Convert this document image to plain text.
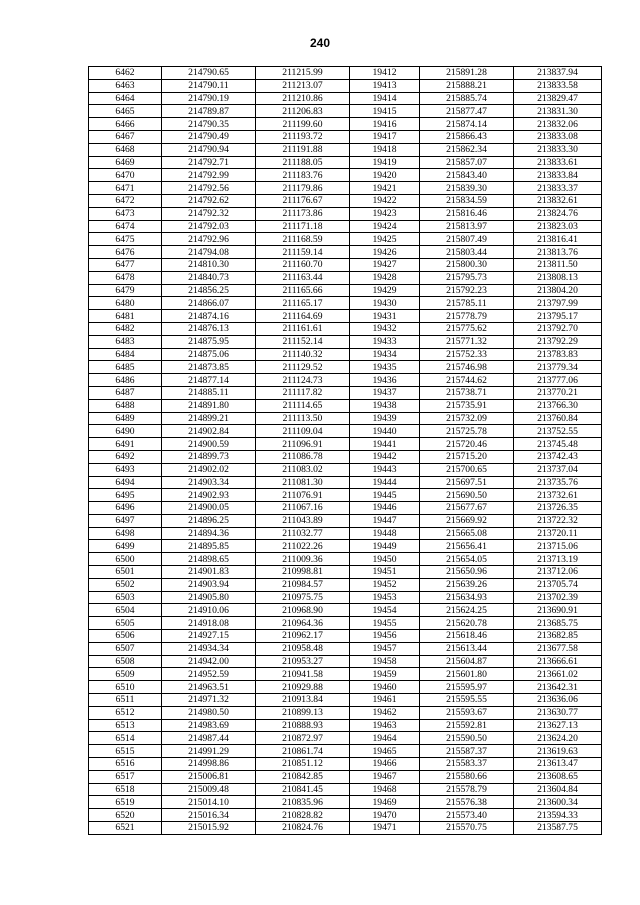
240
6462	214790.65	211215.99	19412	215891.28	213837.94
6463	214790.11	211213.07	19413	215888.21	213833.58
6464	214790.19	211210.86	19414	215885.74	213829.47
6465	214789.87	211206.83	19415	215877.47	213831.30
6466	214790.35	211199.60	19416	215874.14	213832.06
6467	214790.49	211193.72	19417	215866.43	213833.08
6468	214790.94	211191.88	19418	215862.34	213833.30
6469	214792.71	211188.05	19419	215857.07	213833.61
6470	214792.99	211183.76	19420	215843.40	213833.84
6471	214792.56	211179.86	19421	215839.30	213833.37
6472	214792.62	211176.67	19422	215834.59	213832.61
6473	214792.32	211173.86	19423	215816.46	213824.76
6474	214792.03	211171.18	19424	215813.97	213823.03
6475	214792.96	211168.59	19425	215807.49	213816.41
6476	214794.08	211159.14	19426	215803.44	213813.76
6477	214810.30	211160.70	19427	215800.30	213811.50
6478	214840.73	211163.44	19428	215795.73	213808.13
6479	214856.25	211165.66	19429	215792.23	213804.20
6480	214866.07	211165.17	19430	215785.11	213797.99
6481	214874.16	211164.69	19431	215778.79	213795.17
6482	214876.13	211161.61	19432	215775.62	213792.70
6483	214875.95	211152.14	19433	215771.32	213792.29
6484	214875.06	211140.32	19434	215752.33	213783.83
6485	214873.85	211129.52	19435	215746.98	213779.34
6486	214877.14	211124.73	19436	215744.62	213777.06
6487	214885.11	211117.82	19437	215738.71	213770.21
6488	214891.80	211114.65	19438	215735.91	213766.30
6489	214899.21	211113.50	19439	215732.09	213760.84
6490	214902.84	211109.04	19440	215725.78	213752.55
6491	214900.59	211096.91	19441	215720.46	213745.48
6492	214899.73	211086.78	19442	215715.20	213742.43
6493	214902.02	211083.02	19443	215700.65	213737.04
6494	214903.34	211081.30	19444	215697.51	213735.76
6495	214902.93	211076.91	19445	215690.50	213732.61
6496	214900.05	211067.16	19446	215677.67	213726.35
6497	214896.25	211043.89	19447	215669.92	213722.32
6498	214894.36	211032.77	19448	215665.08	213720.11
6499	214895.85	211022.26	19449	215656.41	213715.06
6500	214898.65	211009.36	19450	215654.05	213713.19
6501	214901.83	210998.81	19451	215650.96	213712.06
6502	214903.94	210984.57	19452	215639.26	213705.74
6503	214905.80	210975.75	19453	215634.93	213702.39
6504	214910.06	210968.90	19454	215624.25	213690.91
6505	214918.08	210964.36	19455	215620.78	213685.75
6506	214927.15	210962.17	19456	215618.46	213682.85
6507	214934.34	210958.48	19457	215613.44	213677.58
6508	214942.00	210953.27	19458	215604.87	213666.61
6509	214952.59	210941.58	19459	215601.80	213661.02
6510	214963.51	210929.88	19460	215595.97	213642.31
6511	214971.32	210913.84	19461	215595.55	213636.06
6512	214980.50	210899.13	19462	215593.67	213630.77
6513	214983.69	210888.93	19463	215592.81	213627.13
6514	214987.44	210872.97	19464	215590.50	213624.20
6515	214991.29	210861.74	19465	215587.37	213619.63
6516	214998.86	210851.12	19466	215583.37	213613.47
6517	215006.81	210842.85	19467	215580.66	213608.65
6518	215009.48	210841.45	19468	215578.79	213604.84
6519	215014.10	210835.96	19469	215576.38	213600.34
6520	215016.34	210828.82	19470	215573.40	213594.33
6521	215015.92	210824.76	19471	215570.75	213587.75
